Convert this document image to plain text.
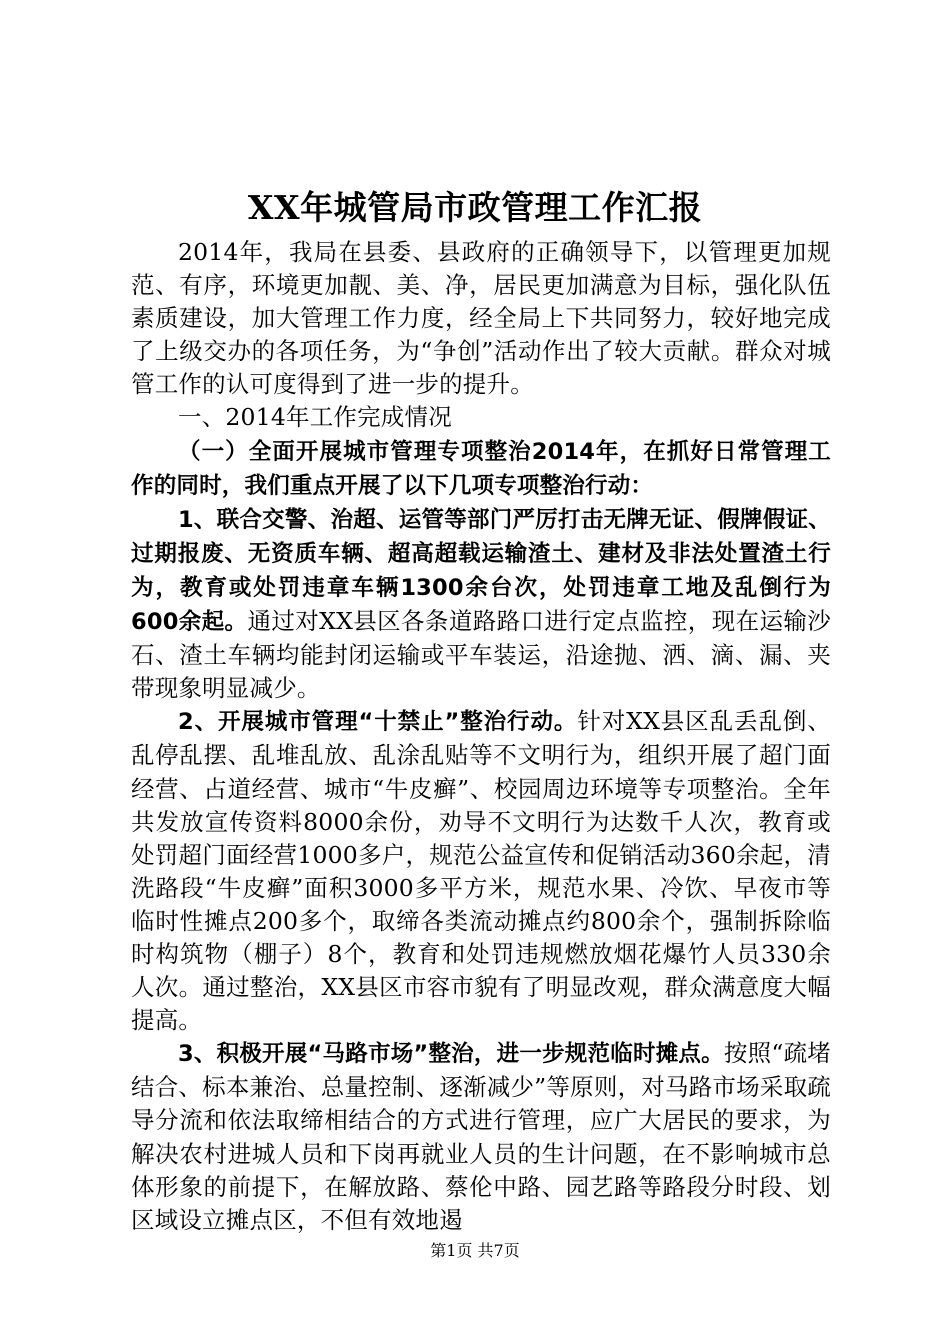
XX年城管局市政管理工作汇报

2014年，我局在县委、县政府的正确领导下，以管理更加规范、有序，环境更加靓、美、净，居民更加满意为目标，强化队伍素质建设，加大管理工作力度，经全局上下共同努力，较好地完成了上级交办的各项任务，为“争创”活动作出了较大贡献。群众对城管工作的认可度得到了进一步的提升。

一、2014年工作完成情况

（一）全面开展城市管理专项整治2014年，在抓好日常管理工作的同时，我们重点开展了以下几项专项整治行动：

1、联合交警、治超、运管等部门严厉打击无牌无证、假牌假证、过期报废、无资质车辆、超高超载运输渣土、建材及非法处置渣土行为，教育或处罚违章车辆1300余台次，处罚违章工地及乱倒行为600余起。通过对XX县区各条道路路口进行定点监控，现在运输沙石、渣土车辆均能封闭运输或平车装运，沿途抛、洒、滴、漏、夹带现象明显减少。

2、开展城市管理“十禁止”整治行动。针对XX县区乱丢乱倒、乱停乱摆、乱堆乱放、乱涂乱贴等不文明行为，组织开展了超门面经营、占道经营、城市“牛皮癣”、校园周边环境等专项整治。全年共发放宣传资料8000余份，劝导不文明行为达数千人次，教育或处罚超门面经营1000多户，规范公益宣传和促销活动360余起，清洗路段“牛皮癣”面积3000多平方米，规范水果、冷饮、早夜市等临时性摊点200多个，取缔各类流动摊点约800余个，强制拆除临时构筑物（棚子）8个，教育和处罚违规燃放烟花爆竹人员330余人次。通过整治，XX县区市容市貌有了明显改观，群众满意度大幅提高。

3、积极开展“马路市场”整治，进一步规范临时摊点。按照“疏堵结合、标本兼治、总量控制、逐渐减少”等原则，对马路市场采取疏导分流和依法取缔相结合的方式进行管理，应广大居民的要求，为解决农村进城人员和下岗再就业人员的生计问题，在不影响城市总体形象的前提下，在解放路、蔡伦中路、园艺路等路段分时段、划区域设立摊点区，不但有效地遏

第1页 共7页
